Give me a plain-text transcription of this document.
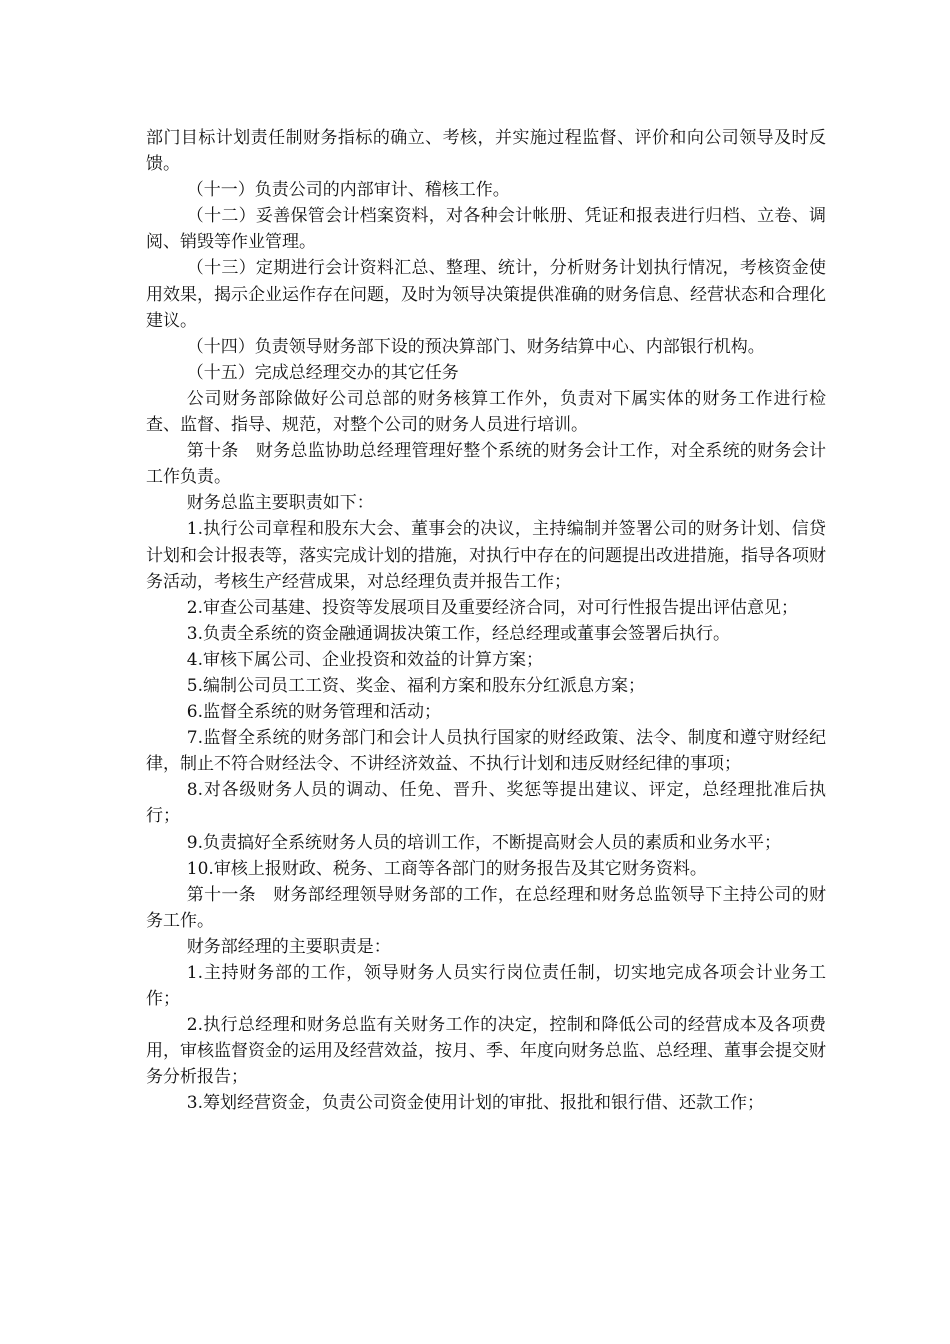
部门目标计划责任制财务指标的确立、考核，并实施过程监督、评价和向公司领导及时反馈。

（十一）负责公司的内部审计、稽核工作。

（十二）妥善保管会计档案资料，对各种会计帐册、凭证和报表进行归档、立卷、调阅、销毁等作业管理。

（十三）定期进行会计资料汇总、整理、统计，分析财务计划执行情况，考核资金使用效果，揭示企业运作存在问题，及时为领导决策提供准确的财务信息、经营状态和合理化建议。

（十四）负责领导财务部下设的预决算部门、财务结算中心、内部银行机构。

（十五）完成总经理交办的其它任务

公司财务部除做好公司总部的财务核算工作外，负责对下属实体的财务工作进行检查、监督、指导、规范，对整个公司的财务人员进行培训。

第十条　财务总监协助总经理管理好整个系统的财务会计工作，对全系统的财务会计工作负责。

财务总监主要职责如下：

1.执行公司章程和股东大会、董事会的决议，主持编制并签署公司的财务计划、信贷计划和会计报表等，落实完成计划的措施，对执行中存在的问题提出改进措施，指导各项财务活动，考核生产经营成果，对总经理负责并报告工作；

2.审查公司基建、投资等发展项目及重要经济合同，对可行性报告提出评估意见；

3.负责全系统的资金融通调拔决策工作，经总经理或董事会签署后执行。

4.审核下属公司、企业投资和效益的计算方案；

5.编制公司员工工资、奖金、福利方案和股东分红派息方案；

6.监督全系统的财务管理和活动；

7.监督全系统的财务部门和会计人员执行国家的财经政策、法令、制度和遵守财经纪律，制止不符合财经法令、不讲经济效益、不执行计划和违反财经纪律的事项；

8.对各级财务人员的调动、任免、晋升、奖惩等提出建议、评定，总经理批准后执行；

9.负责搞好全系统财务人员的培训工作，不断提高财会人员的素质和业务水平；

10.审核上报财政、税务、工商等各部门的财务报告及其它财务资料。

第十一条　财务部经理领导财务部的工作，在总经理和财务总监领导下主持公司的财务工作。

财务部经理的主要职责是：

1.主持财务部的工作，领导财务人员实行岗位责任制，切实地完成各项会计业务工作；

2.执行总经理和财务总监有关财务工作的决定，控制和降低公司的经营成本及各项费用，审核监督资金的运用及经营效益，按月、季、年度向财务总监、总经理、董事会提交财务分析报告；

3.筹划经营资金，负责公司资金使用计划的审批、报批和银行借、还款工作；
